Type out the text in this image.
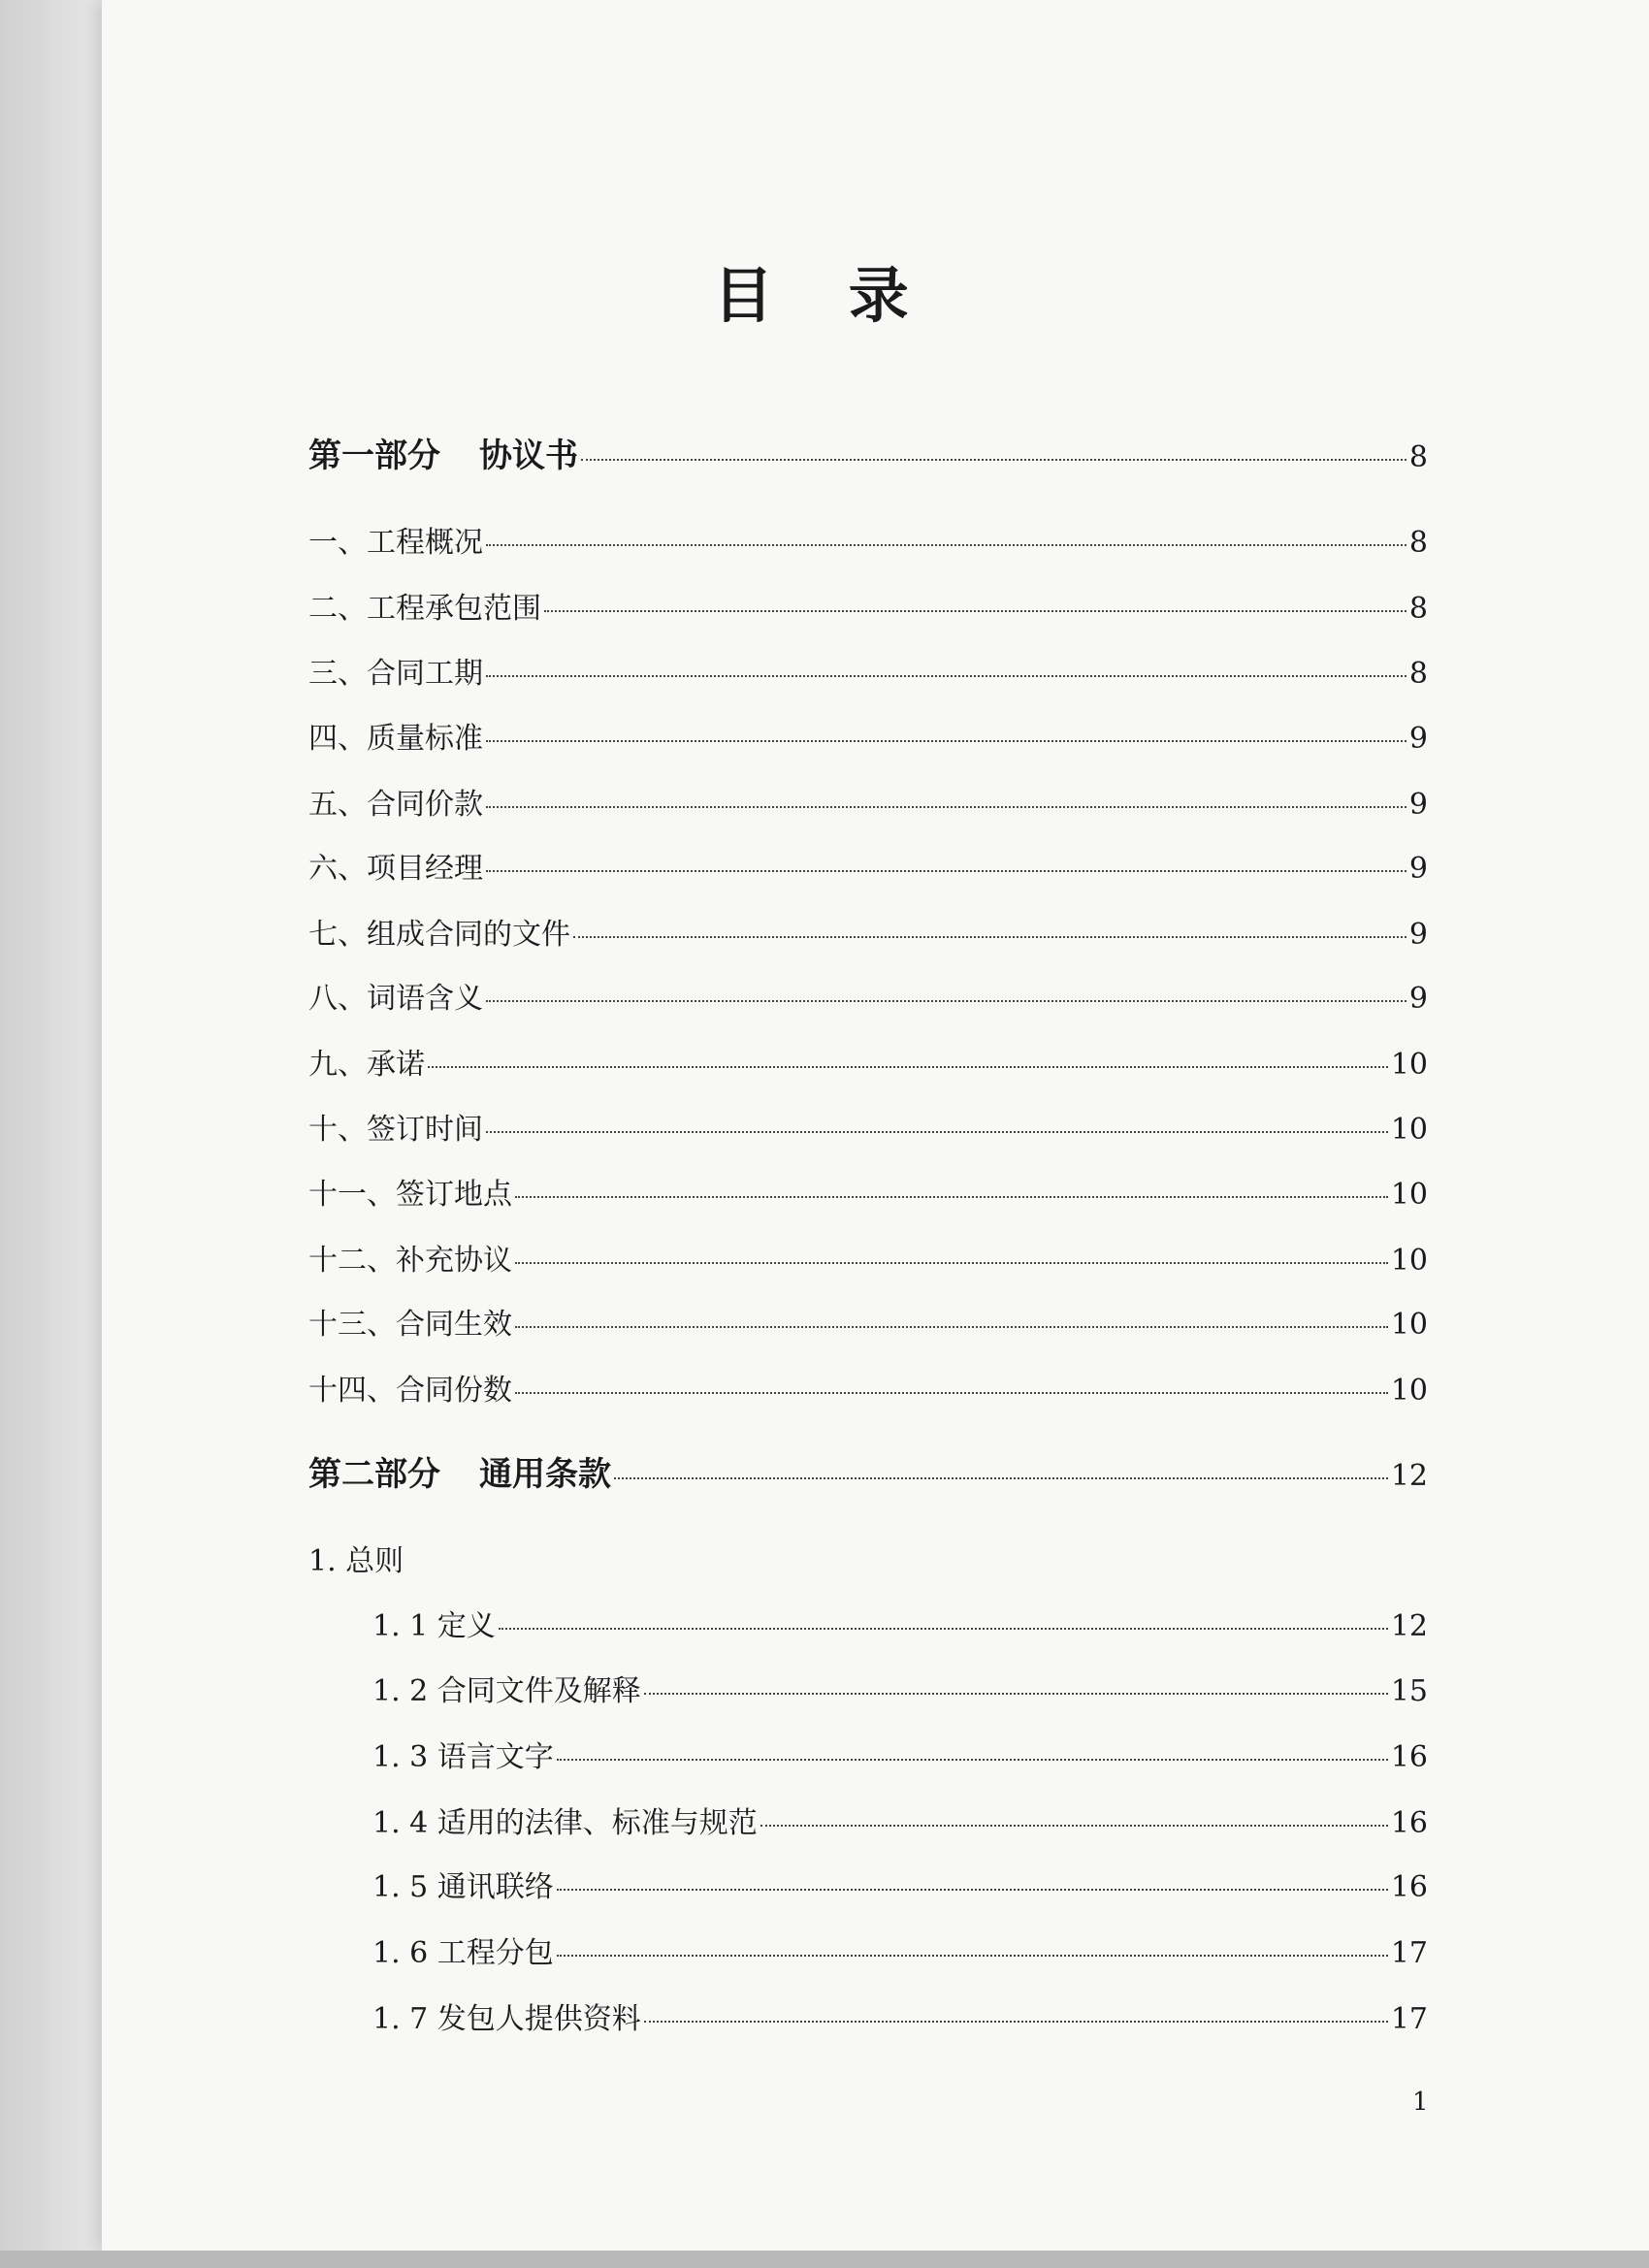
目 录
第一部分 协议书	8
一、工程概况	8
二、工程承包范围	8
三、合同工期	8
四、质量标准	9
五、合同价款	9
六、项目经理	9
七、组成合同的文件	9
八、词语含义	9
九、承诺	10
十、签订时间	10
十一、签订地点	10
十二、补充协议	10
十三、合同生效	10
十四、合同份数	10
第二部分 通用条款	12
1. 总则
1. 1 定义	12
1. 2 合同文件及解释	15
1. 3 语言文字	16
1. 4 适用的法律、标准与规范	16
1. 5 通讯联络	16
1. 6 工程分包	17
1. 7 发包人提供资料	17
1
